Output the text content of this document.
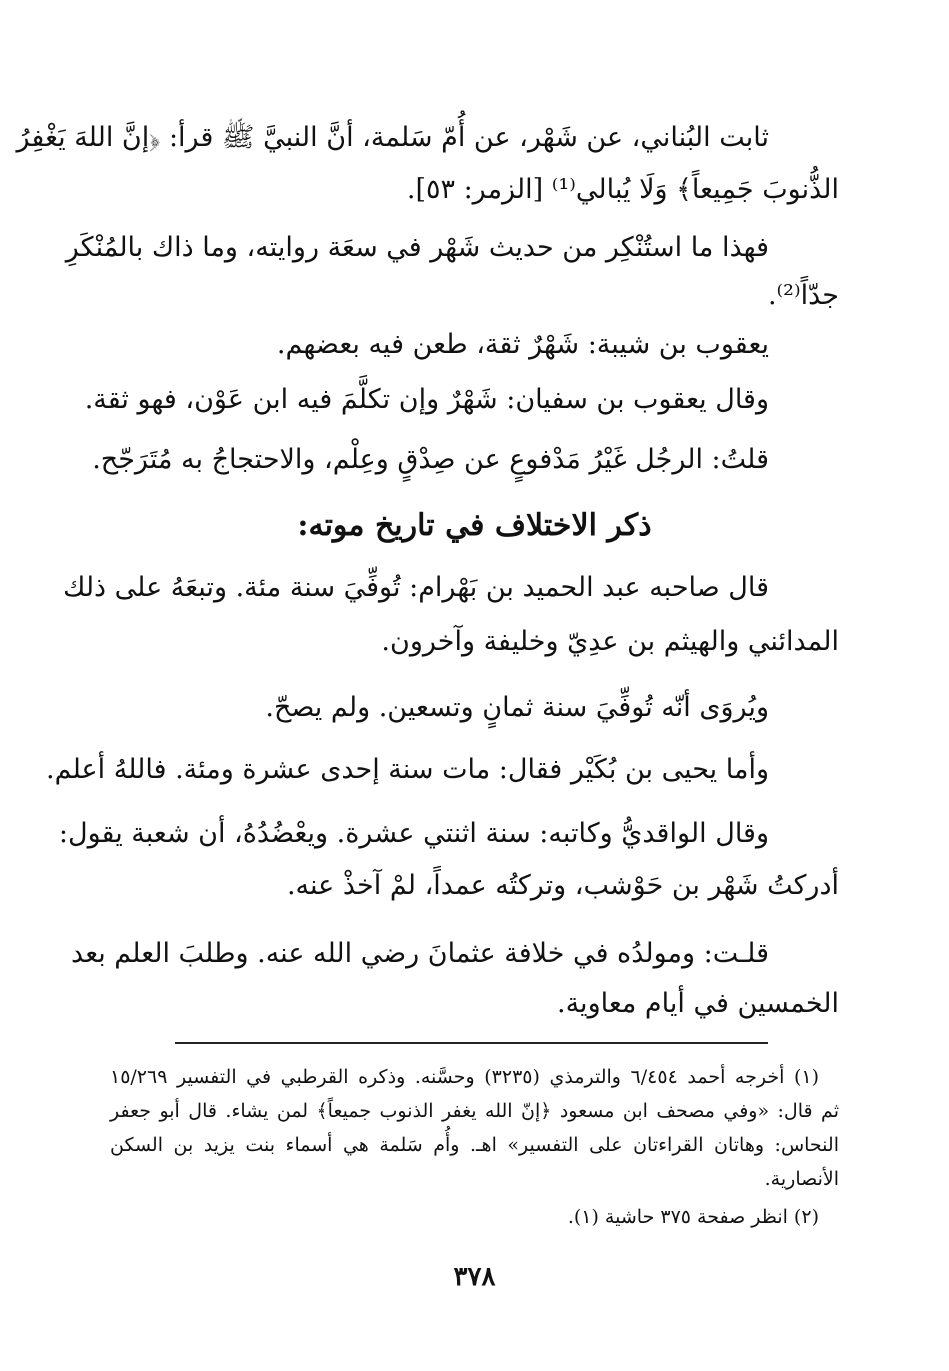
ثابت البُناني، عن شَهْر، عن أُمّ سَلمة، أنَّ النبيَّ ﷺ قرأ: ﴿إنَّ اللهَ يَغْفِرُ
الذُّنوبَ جَمِيعاً﴾ وَلَا يُبالي⁽¹⁾ [الزمر: ٥٣].
فهذا ما استُنْكِر من حديث شَهْر في سعَة روايته، وما ذاك بالمُنْكَرِ
جدّاً⁽²⁾.
يعقوب بن شيبة: شَهْرٌ ثقة، طعن فيه بعضهم.
وقال يعقوب بن سفيان: شَهْرٌ وإن تكلَّمَ فيه ابن عَوْن، فهو ثقة.
قلتُ: الرجُل غَيْرُ مَدْفوعٍ عن صِدْقٍ وعِلْم، والاحتجاجُ به مُتَرَجّح.
ذكر الاختلاف في تاريخ موته:
قال صاحبه عبد الحميد بن بَهْرام: تُوفِّيَ سنة مئة. وتبعَهُ على ذلك
المدائني والهيثم بن عدِيّ وخليفة وآخرون.
ويُروَى أنّه تُوفِّيَ سنة ثمانٍ وتسعين. ولم يصحّ.
وأما يحيى بن بُكَيْر فقال: مات سنة إحدى عشرة ومئة. فاللهُ أعلم.
وقال الواقديُّ وكاتبه: سنة اثنتي عشرة. ويعْضُدُهُ، أن شعبة يقول:
أدركتُ شَهْر بن حَوْشب، وتركتُه عمداً، لمْ آخذْ عنه.
قلـت: ومولدُه في خلافة عثمانَ رضي الله عنه. وطلبَ العلم بعد
الخمسين في أيام معاوية.
(١) أخرجه أحمد ٦/٤٥٤ والترمذي (٣٢٣٥) وحسَّنه. وذكره القرطبي في التفسير ١٥/٢٦٩
ثم قال: «وفي مصحف ابن مسعود ﴿إنّ الله يغفر الذنوب جميعاً﴾ لمن يشاء. قال أبو جعفر
النحاس: وهاتان القراءتان على التفسير» اهـ. وأُم سَلمة هي أسماء بنت يزيد بن السكن
الأنصارية.
(٢) انظر صفحة ٣٧٥ حاشية (١).
٣٧٨
